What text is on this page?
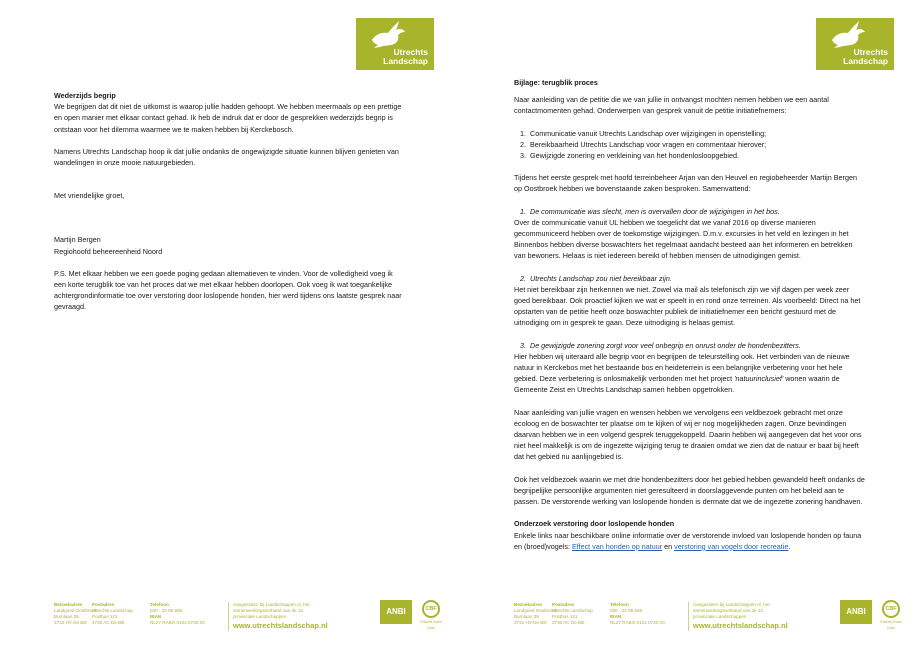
Utrechts
Landschap
Wederzijds begrip

We begrijpen dat dit niet de uitkomst is waarop jullie hadden gehoopt. We hebben meermaals op een prettige en open manier met elkaar contact gehad. Ik heb de indruk dat er door de gesprekken wederzijds begrip is ontstaan voor het dilemma waarmee we te maken hebben bij Kerckebosch.

Namens Utrechts Landschap hoop ik dat jullie ondanks de ongewijzigde situatie kunnen blijven genieten van wandelingen in onze mooie natuurgebieden.

Met vriendelijke groet,

Martijn Bergen

Regiohoofd beheereenheid Noord

P.S. Met elkaar hebben we een goede poging gedaan alternatieven te vinden. Voor de volledigheid voeg ik een korte terugblik toe van het proces dat we met elkaar hebben doorlopen. Ook voeg ik wat toegankelijke achtergrondinformatie toe over verstoring door loslopende honden, hier werd tijdens ons laatste gesprek naar gevraagd.

Bezoekadres
Landgoed Oostbroek
Burnlaan 39
3732 HV De Bilt
Postadres
Utrechts Landschap
Postbus 121
3730 AC De Bilt
Telefoon
030 - 22 95 555
IBAN
NL27 RABO 0102 0730 20
Aangesloten bij Landschappen.nl, het samenwerkingsverband van de 12 provinciale Landschappen
www.utrechtslandschap.nl
ANBI	CBF
Erkend Goed Doel
Utrechts
Landschap

Bijlage: terugblik proces

Naar aanleiding van de petitie die we van jullie in ontvangst mochten nemen hebben we een aantal contactmomenten gehad. Onderwerpen van gesprek vanuit de petitie initiatiefnemers:

1. Communicatie vanuit Utrechts Landschap over wijzigingen in openstelling;
2. Bereikbaarheid Utrechts Landschap voor vragen en commentaar hierover;
3. Gewijzigde zonering en verkleining van het hondenlosloopgebied.

Tijdens het eerste gesprek met hoofd terreinbeheer Arjan van den Heuvel en regiobeheerder Martijn Bergen op Oostbroek hebben we bovenstaande zaken besproken. Samenvattend:

1. De communicatie was slecht, men is overvallen door de wijzigingen in het bos.

Over de communicatie vanuit UL hebben we toegelicht dat we vanaf 2016 op diverse manieren gecommuniceerd hebben over de toekomstige wijzigingen. D.m.v. excursies in het veld en lezingen in het Binnenbos hebben diverse boswachters het regelmaat aandacht besteed aan het informeren en betrekken van bewoners. Helaas is niet iedereen bereikt of hebben mensen de uitnodigingen gemist.

2. Utrechts Landschap zou niet bereikbaar zijn.

Het niet bereikbaar zijn herkennen we niet. Zowel via mail als telefonisch zijn we vijf dagen per week zeer goed bereikbaar. Ook proactief kijken we wat er speelt in en rond onze terreinen. Als voorbeeld: Direct na het opstarten van de petitie heeft onze boswachter publiek de initiatiefnemer een bericht gestuurd met de uitnodiging om in gesprek te gaan. Deze uitnodiging is helaas gemist.

3. De gewijzigde zonering zorgt voor veel onbegrip en onrust onder de hondenbezitters.

Hier hebben wij uiteraard alle begrip voor en begrijpen de teleurstelling ook. Het verbinden van de nieuwe natuur in Kerckebos met het bestaande bos en heideterrein is een belangrijke verbetering voor het hele gebied. Deze verbetering is onlosmakelijk verbonden met het project 'natuurinclusief' wonen waarin de Gemeente Zeist en Utrechts Landschap samen hebben opgetrokken.

Naar aanleiding van jullie vragen en wensen hebben we vervolgens een veldbezoek gebracht met onze ecoloog en de boswachter ter plaatse om te kijken of wij er nog mogelijkheden zagen. Onze bevindingen daarvan hebben we in een volgend gesprek teruggekoppeld. Daarin hebben wij aangegeven dat het voor ons niet heel makkelijk is om de ingezette wijziging terug te draaien omdat we zien dat de natuur er baat bij heeft dat het gebied nu aanlijngebied is.

Ook het veldbezoek waarin we met drie hondenbezitters door het gebied hebben gewandeld heeft ondanks de begrijpelijke persoonlijke argumenten niet geresulteerd in doorslaggevende punten om het beleid aan te passen. De verstorende werking van loslopende honden is dermate dat we de ingezette zonering handhaven.

Onderzoek verstoring door loslopende honden

Enkele links naar beschikbare online informatie over de verstorende invloed van loslopende honden op fauna en (broed)vogels: Effect van honden op natuur en verstoring van vogels door recreatie.

Bezoekadres
Landgoed Oostbroek
Burnlaan 39
3732 HV De Bilt
Postadres
Utrechts Landschap
Postbus 121
3730 AC De Bilt
Telefoon
030 - 22 95 555
IBAN
NL27 RABO 0102 0730 20
Aangesloten bij Landschappen.nl, het samenwerkingsverband van de 12 provinciale Landschappen
www.utrechtslandschap.nl
ANBI	CBF
Erkend Goed Doel
